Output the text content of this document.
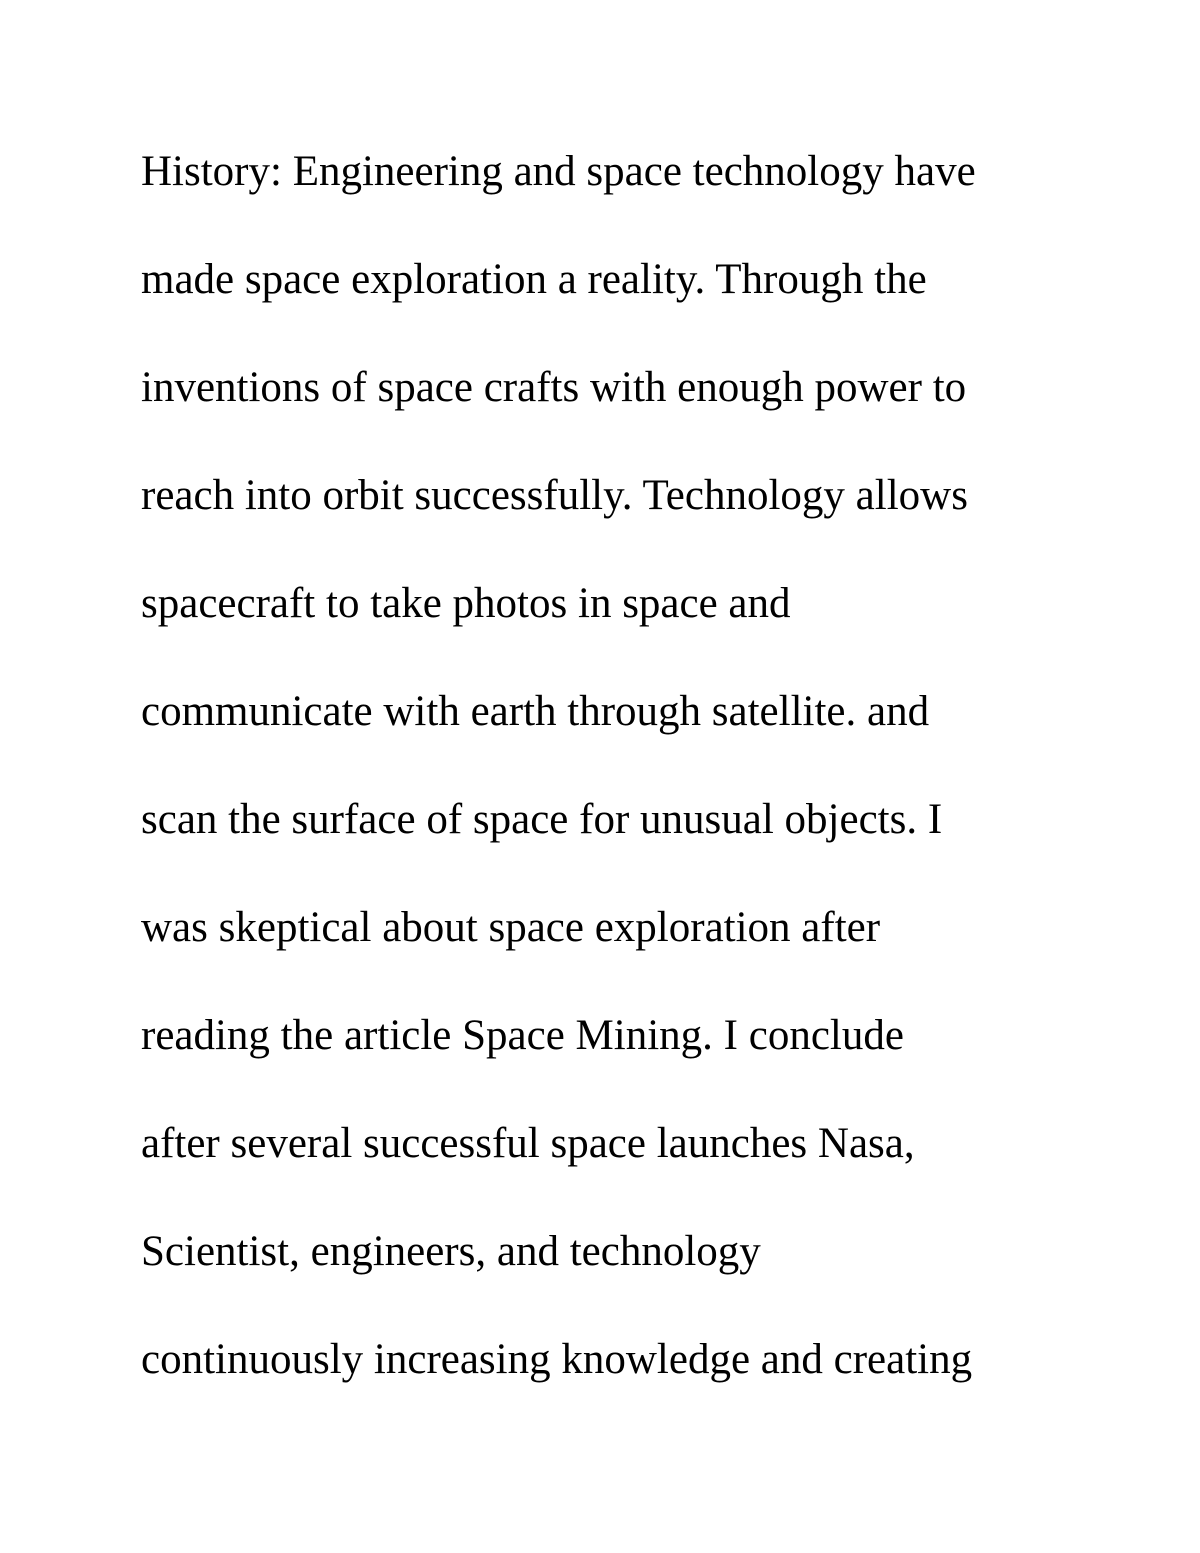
History: Engineering and space technology have
made space exploration a reality. Through the
inventions of space crafts with enough power to
reach into orbit successfully. Technology allows
spacecraft to take photos in space and
communicate with earth through satellite. and
scan the surface of space for unusual objects. I
was skeptical about space exploration after
reading the article Space Mining. I conclude
after several successful space launches Nasa,
Scientist, engineers, and technology
continuously increasing knowledge and creating
